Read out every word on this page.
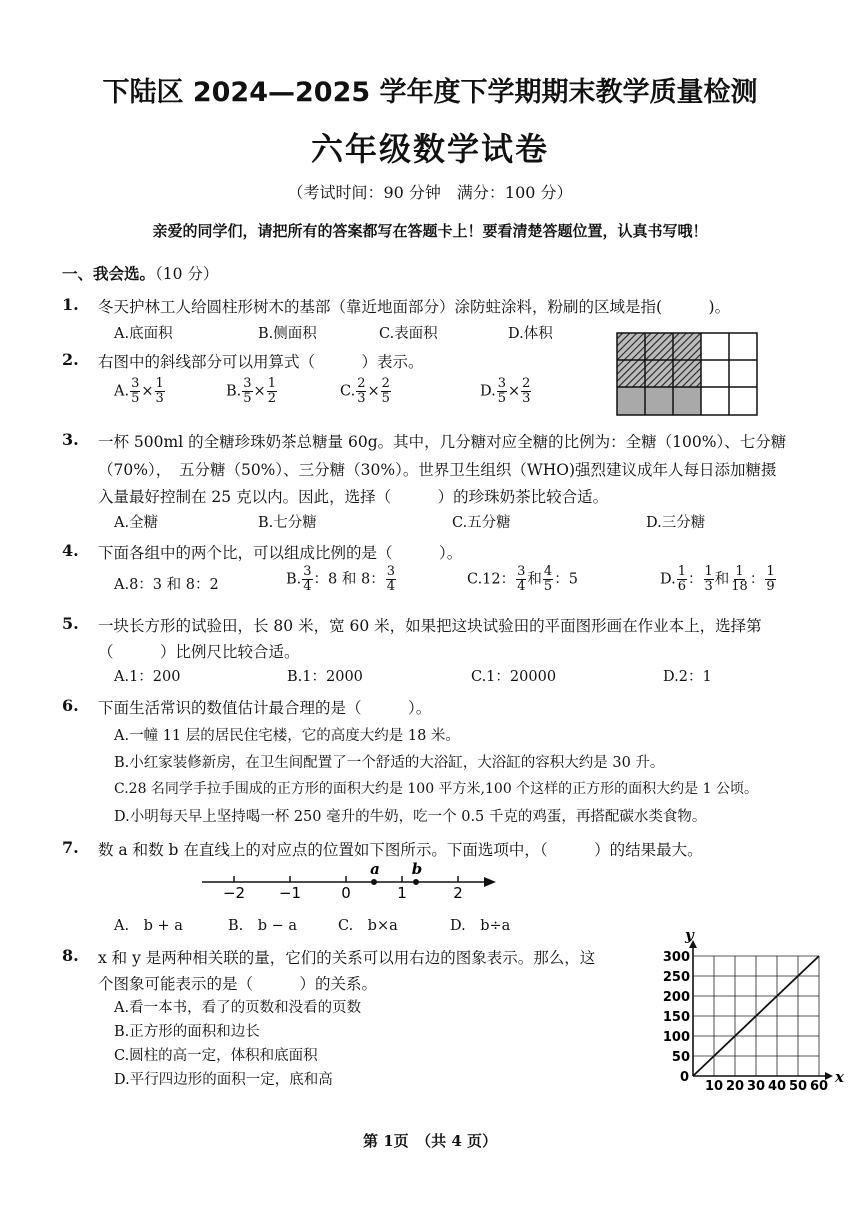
下陆区 2024—2025 学年度下学期期末教学质量检测
六年级数学试卷
（考试时间：90 分钟　满分：100 分）
亲爱的同学们，请把所有的答案都写在答题卡上！要看清楚答题位置，认真书写哦！
一、我会选。（10 分）
1. 冬天护林工人给圆柱形树木的基部（靠近地面部分）涂防蛀涂料，粉刷的区域是指(　　　)。
A.底面积	B.侧面积	C.表面积	D.体积
2. 右图中的斜线部分可以用算式（　　　）表示。
A. $\frac{3}{5} \times \frac{1}{3}$	B. $\frac{3}{5} \times \frac{1}{2}$	C. $\frac{2}{3} \times \frac{2}{5}$	D. $\frac{3}{5} \times \frac{2}{3}$
3. 一杯 500ml 的全糖珍珠奶茶总糖量 60g。其中，几分糖对应全糖的比例为：全糖（100%）、七分糖
（70%），　五分糖（50%）、三分糖（30%）。世界卫生组织（WHO)强烈建议成年人每日添加糖摄
入量最好控制在 25 克以内。因此，选择（　　　）的珍珠奶茶比较合适。
A.全糖	B.七分糖	C.五分糖	D.三分糖
4. 下面各组中的两个比，可以组成比例的是（　　　）。
A.8：3 和 8：2	B. $\frac{3}{4}$ ：8 和 8： $\frac{3}{4}$	C.12： $\frac{3}{4}$ 和 $\frac{4}{5}$ ：5	D. $\frac{1}{6}$ ： $\frac{1}{3}$ 和 $\frac{1}{18}$ ： $\frac{1}{9}$
5. 一块长方形的试验田，长 80 米，宽 60 米，如果把这块试验田的平面图形画在作业本上，选择第
（　　　）比例尺比较合适。
A.1：200	B.1：2000	C.1：20000	D.2：1
6. 下面生活常识的数值估计最合理的是（　　　）。
A.一幢 11 层的居民住宅楼，它的高度大约是 18 米。
B.小红家装修新房，在卫生间配置了一个舒适的大浴缸，大浴缸的容积大约是 30 升。
C.28 名同学手拉手围成的正方形的面积大约是 100 平方米,100 个这样的正方形的面积大约是 1 公顷。
D.小明每天早上坚持喝一杯 250 毫升的牛奶，吃一个 0.5 千克的鸡蛋，再搭配碳水类食物。
7. 数 a 和数 b 在直线上的对应点的位置如下图所示。下面选项中，（　　　）的结果最大。
−2 −1	0	1	2
a b
A.　b + a	B.　b − a	C.　b×a	D.　b÷a
8. x 和 y 是两种相关联的量，它们的关系可以用右边的图象表示。那么，这
个图象可能表示的是（　　　）的关系。
A.看一本书，看了的页数和没看的页数
B.正方形的面积和边长
C.圆柱的高一定，体积和底面积
D.平行四边形的面积一定，底和高	10 20 30 40 50 60
50
100
150
200
250
300
0	x
y
第 1页　（共 4 页）
